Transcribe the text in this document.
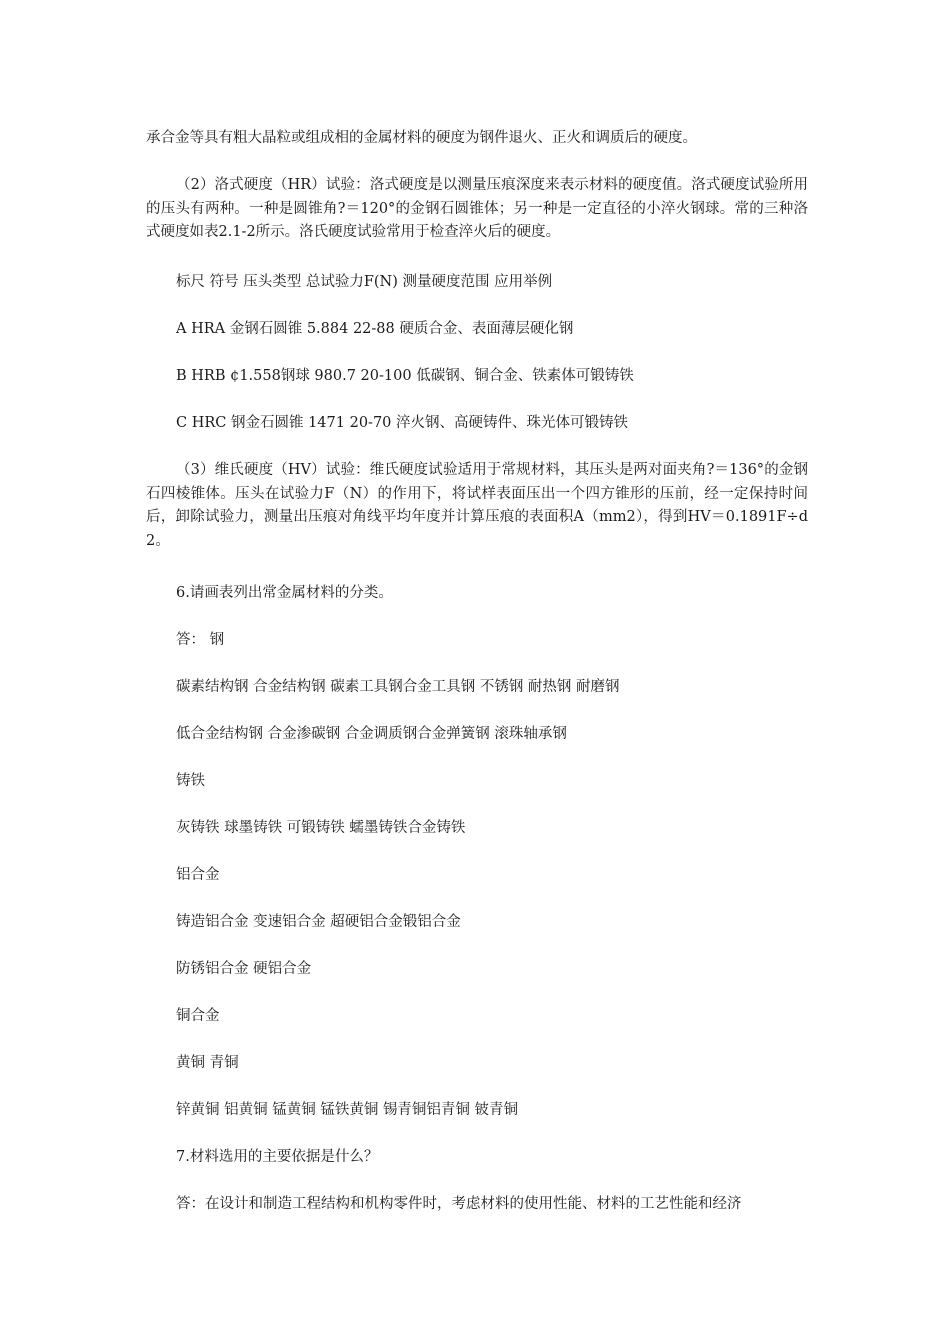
承合金等具有粗大晶粒或组成相的金属材料的硬度为钢件退火、正火和调质后的硬度。
（2）洛式硬度（HR）试验：洛式硬度是以测量压痕深度来表示材料的硬度值。洛式硬度试验所用的压头有两种。一种是圆锥角?＝120°的金钢石圆锥体；另一种是一定直径的小淬火钢球。常的三种洛式硬度如表2.1-2所示。洛氏硬度试验常用于检查淬火后的硬度。
标尺 符号 压头类型 总试验力F(N) 测量硬度范围 应用举例
A HRA 金钢石圆锥 5.884 22-88 硬质合金、表面薄层硬化钢
B HRB ¢1.558钢球 980.7 20-100 低碳钢、铜合金、铁素体可锻铸铁
C HRC 钢金石圆锥 1471 20-70 淬火钢、高硬铸件、珠光体可锻铸铁
（3）维氏硬度（HV）试验：维氏硬度试验适用于常规材料，其压头是两对面夹角?＝136°的金钢石四棱锥体。压头在试验力F（N）的作用下，将试样表面压出一个四方锥形的压前，经一定保持时间后，卸除试验力，测量出压痕对角线平均年度并计算压痕的表面积A（mm2），得到HV＝0.1891F÷d2。
6.请画表列出常金属材料的分类。
答： 钢
碳素结构钢 合金结构钢 碳素工具钢合金工具钢 不锈钢 耐热钢 耐磨钢
低合金结构钢 合金渗碳钢 合金调质钢合金弹簧钢 滚珠轴承钢
铸铁
灰铸铁 球墨铸铁 可锻铸铁 蠕墨铸铁合金铸铁
铝合金
铸造铝合金 变速铝合金 超硬铝合金锻铝合金
防锈铝合金 硬铝合金
铜合金
黄铜 青铜
锌黄铜 铝黄铜 锰黄铜 锰铁黄铜 锡青铜铝青铜 铍青铜
7.材料选用的主要依据是什么？
答：在设计和制造工程结构和机构零件时，考虑材料的使用性能、材料的工艺性能和经济
